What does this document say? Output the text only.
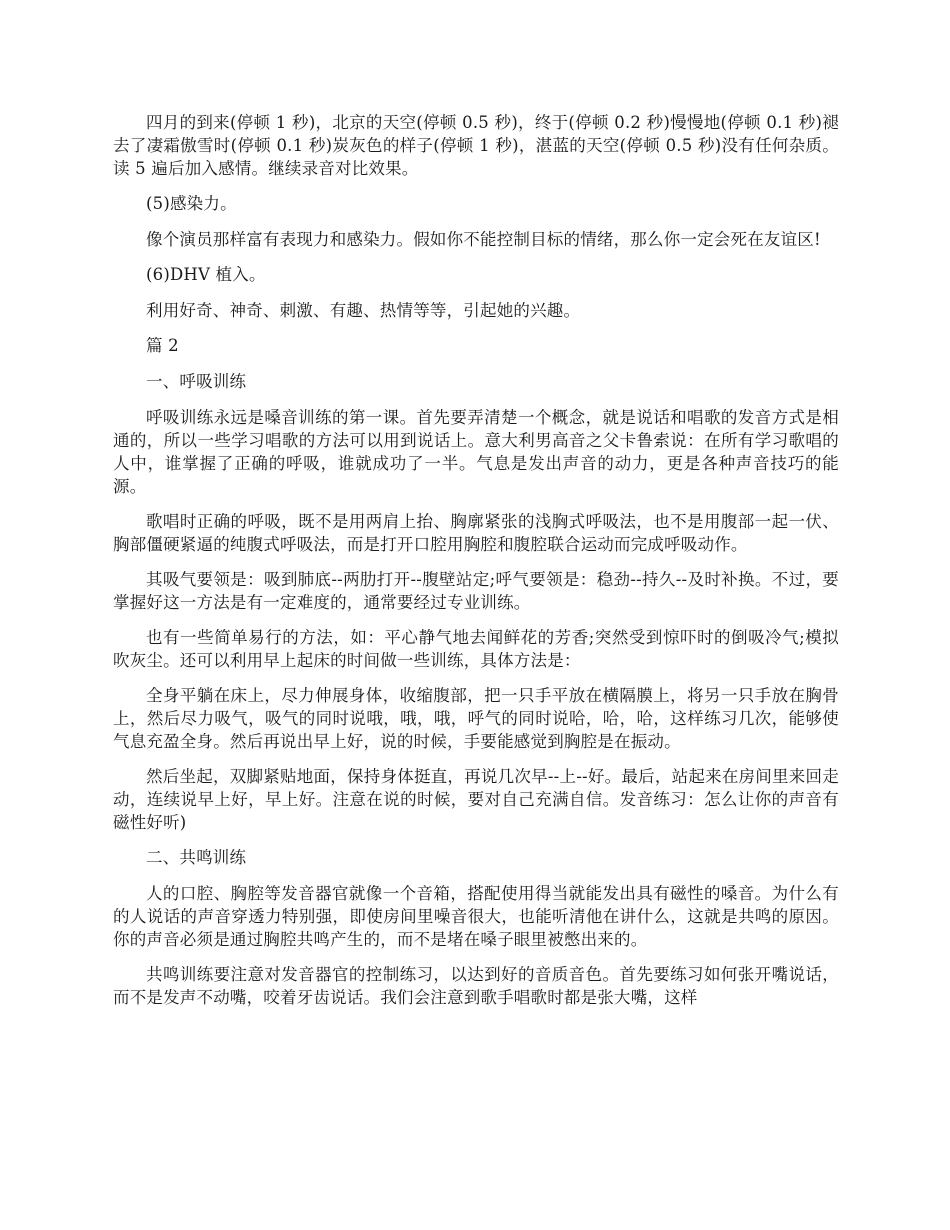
四月的到来(停顿 1 秒)，北京的天空(停顿 0.5 秒)，终于(停顿 0.2 秒)慢慢地(停顿 0.1 秒)褪去了凄霜傲雪时(停顿 0.1 秒)炭灰色的样子(停顿 1 秒)，湛蓝的天空(停顿 0.5 秒)没有任何杂质。读 5 遍后加入感情。继续录音对比效果。

(5)感染力。

像个演员那样富有表现力和感染力。假如你不能控制目标的情绪，那么你一定会死在友谊区!

(6)DHV 植入。

利用好奇、神奇、刺激、有趣、热情等等，引起她的兴趣。

篇 2

一、呼吸训练

呼吸训练永远是嗓音训练的第一课。首先要弄清楚一个概念，就是说话和唱歌的发音方式是相通的，所以一些学习唱歌的方法可以用到说话上。意大利男高音之父卡鲁索说：在所有学习歌唱的人中，谁掌握了正确的呼吸，谁就成功了一半。气息是发出声音的动力，更是各种声音技巧的能源。

歌唱时正确的呼吸，既不是用两肩上抬、胸廓紧张的浅胸式呼吸法，也不是用腹部一起一伏、胸部僵硬紧逼的纯腹式呼吸法，而是打开口腔用胸腔和腹腔联合运动而完成呼吸动作。

其吸气要领是：吸到肺底--两肋打开--腹壁站定;呼气要领是：稳劲--持久--及时补换。不过，要掌握好这一方法是有一定难度的，通常要经过专业训练。

也有一些简单易行的方法，如：平心静气地去闻鲜花的芳香;突然受到惊吓时的倒吸冷气;模拟吹灰尘。还可以利用早上起床的时间做一些训练，具体方法是：

全身平躺在床上，尽力伸展身体，收缩腹部，把一只手平放在横隔膜上，将另一只手放在胸骨上，然后尽力吸气，吸气的同时说哦，哦，哦，呼气的同时说哈，哈，哈，这样练习几次，能够使气息充盈全身。然后再说出早上好，说的时候，手要能感觉到胸腔是在振动。

然后坐起，双脚紧贴地面，保持身体挺直，再说几次早--上--好。最后，站起来在房间里来回走动，连续说早上好，早上好。注意在说的时候，要对自己充满自信。发音练习：怎么让你的声音有磁性好听)

二、共鸣训练

人的口腔、胸腔等发音器官就像一个音箱，搭配使用得当就能发出具有磁性的嗓音。为什么有的人说话的声音穿透力特别强，即使房间里噪音很大，也能听清他在讲什么，这就是共鸣的原因。你的声音必须是通过胸腔共鸣产生的，而不是堵在嗓子眼里被憋出来的。

共鸣训练要注意对发音器官的控制练习，以达到好的音质音色。首先要练习如何张开嘴说话，而不是发声不动嘴，咬着牙齿说话。我们会注意到歌手唱歌时都是张大嘴，这样
